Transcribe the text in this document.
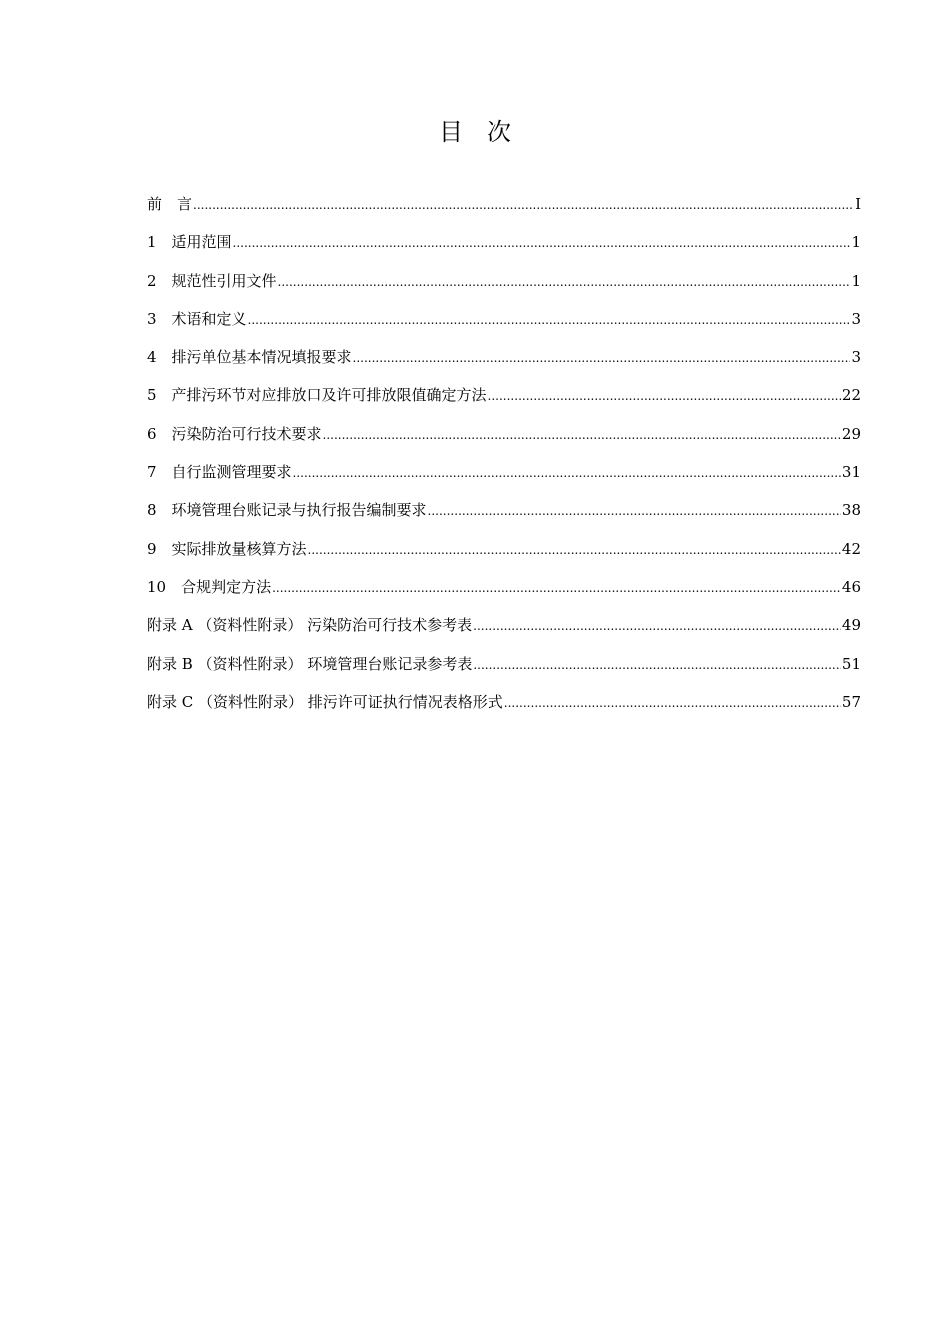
目　次
前　言 .....	I
1　适用范围 .....	1
2　规范性引用文件 .....	1
3　术语和定义 .....	3
4　排污单位基本情况填报要求 .....	3
5　产排污环节对应排放口及许可排放限值确定方法 .....	22
6　污染防治可行技术要求 .....	29
7　自行监测管理要求 .....	31
8　环境管理台账记录与执行报告编制要求 .....	38
9　实际排放量核算方法 .....	42
10　合规判定方法 .....	46
附录 A （资料性附录） 污染防治可行技术参考表 .....	49
附录 B （资料性附录） 环境管理台账记录参考表 .....	51
附录 C （资料性附录） 排污许可证执行情况表格形式 .....	57
